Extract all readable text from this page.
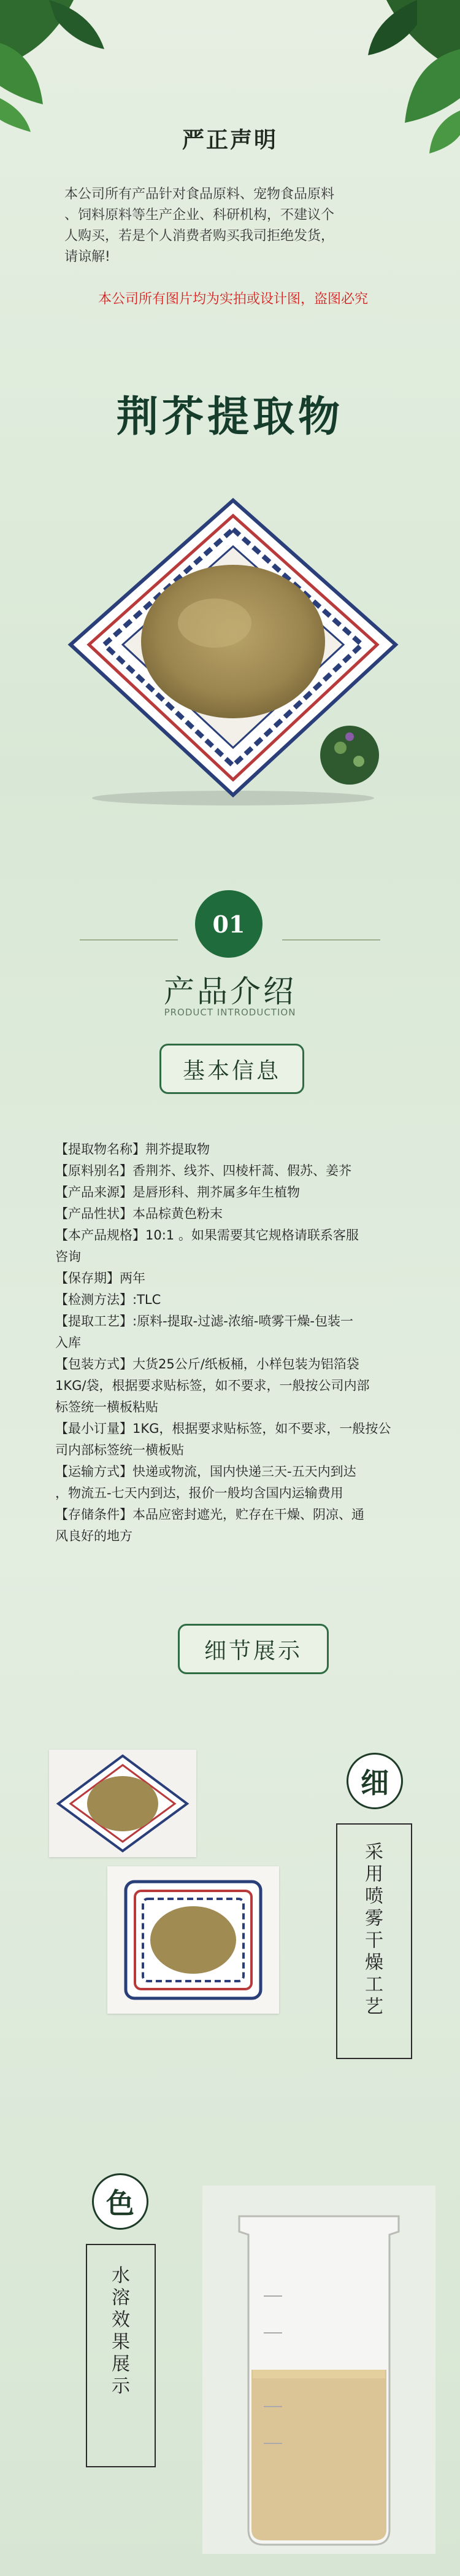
严正声明
本公司所有产品针对食品原料、宠物食品原料
、饲料原料等生产企业、科研机构，不建议个
人购买，若是个人消费者购买我司拒绝发货，
请谅解!
本公司所有图片均为实拍或设计图，盗图必究
荆芥提取物
01
产品介绍
PRODUCT INTRODUCTION
基本信息

【提取物名称】荆芥提取物

【原料别名】香荆芥、线芥、四棱杆蒿、假苏、姜芥

【产品来源】是唇形科、荆芥属多年生植物

【产品性状】本品棕黄色粉末

【本产品规格】10:1 。如果需要其它规格请联系客服

咨询

【保存期】两年

【检测方法】:TLC

【提取工艺】:原料-提取-过滤-浓缩-喷雾干燥-包装一

入库

【包装方式】大货25公斤/纸板桶，小样包装为铝箔袋

1KG/袋，根据要求贴标签，如不要求，一般按公司内部

标签统一横板粘贴

【最小订量】1KG，根据要求贴标签，如不要求，一般按公

司内部标签统一横板贴

【运输方式】快递或物流，国内快递三天-五天内到达

，物流五-七天内到达，报价一般均含国内运输费用

【存储条件】本品应密封遮光，贮存在干燥、阴凉、通

风良好的地方

细节展示
细
采用喷雾干燥工艺
色
水溶效果展示
